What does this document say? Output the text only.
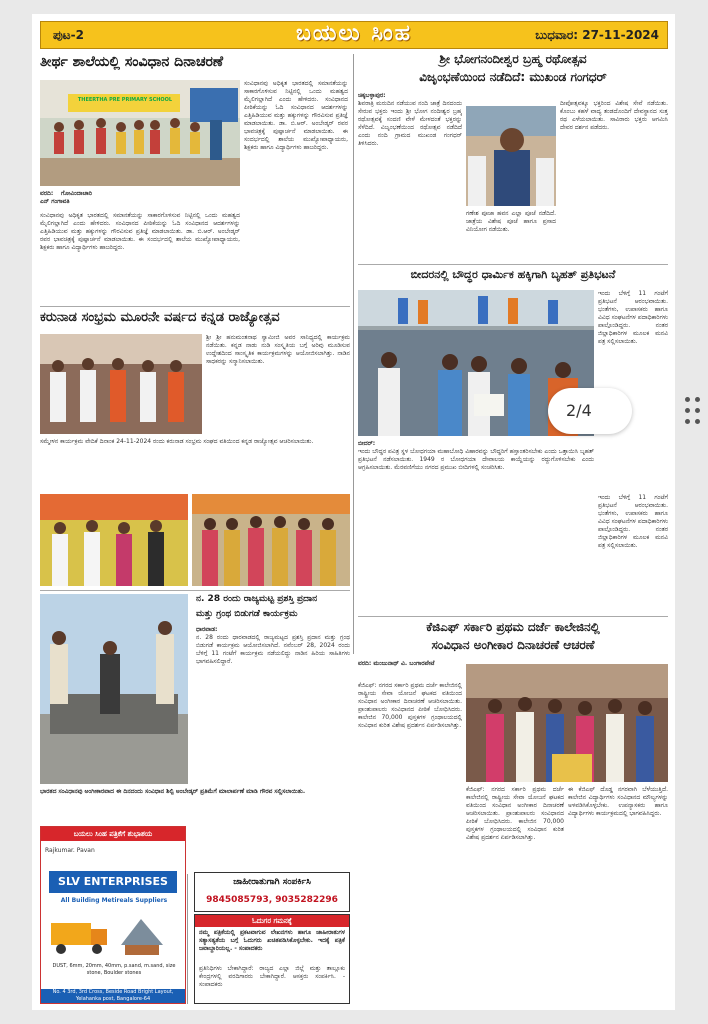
ಪುಟ-2	ಬಯಲು ಸಿಂಹ	ಬುಧವಾರ: 27-11-2024
ತೀರ್ಥ ಶಾಲೆಯಲ್ಲಿ ಸಂವಿಧಾನ ದಿನಾಚರಣೆ
THEERTHA PRE PRIMARY SCHOOL
ಸಂವಿಧಾನವು ಅಧಿಕೃತ ಭಾರತದಲ್ಲಿ ಸಮಾನತೆಯನ್ನು ಸಾಕಾರಗೊಳಿಸುವ ನಿಟ್ಟಿನಲ್ಲಿ ಒಂದು ಮಹತ್ವದ ಮೈಲಿಗಲ್ಲಾಗಿದೆ ಎಂದು ಹೇಳಿದರು. ಸಂವಿಧಾನದ ಪೀಠಿಕೆಯನ್ನು ಓದಿ ಸಂವಿಧಾನದ ಆದರ್ಶಗಳನ್ನು ಎತ್ತಿಹಿಡಿಯುವ ಮತ್ತು ಹಕ್ಕುಗಳನ್ನು ಗೌರವಿಸುವ ಪ್ರತಿಜ್ಞೆ ಮಾಡಲಾಯಿತು. ಡಾ. ಬಿ.ಆರ್. ಅಂಬೇಡ್ಕರ್ ರವರ ಭಾವಚಿತ್ರಕ್ಕೆ ಪುಷ್ಪಾರ್ಚನೆ ಮಾಡಲಾಯಿತು. ಈ ಸಂದರ್ಭದಲ್ಲಿ ಶಾಲೆಯ ಮುಖ್ಯೋಪಾಧ್ಯಾಯರು, ಶಿಕ್ಷಕರು ಹಾಗೂ ವಿದ್ಯಾರ್ಥಿಗಳು ಹಾಜರಿದ್ದರು.
ವರದಿ: ಗೋವಿಂದಾಚಾರಿ ಎನ್ ಗಂಗಾವತಿ
ಸಂವಿಧಾನವು ಅಧಿಕೃತ ಭಾರತದಲ್ಲಿ ಸಮಾನತೆಯನ್ನು ಸಾಕಾರಗೊಳಿಸುವ ನಿಟ್ಟಿನಲ್ಲಿ ಒಂದು ಮಹತ್ವದ ಮೈಲಿಗಲ್ಲಾಗಿದೆ ಎಂದು ಹೇಳಿದರು. ಸಂವಿಧಾನದ ಪೀಠಿಕೆಯನ್ನು ಓದಿ ಸಂವಿಧಾನದ ಆದರ್ಶಗಳನ್ನು ಎತ್ತಿಹಿಡಿಯುವ ಮತ್ತು ಹಕ್ಕುಗಳನ್ನು ಗೌರವಿಸುವ ಪ್ರತಿಜ್ಞೆ ಮಾಡಲಾಯಿತು. ಡಾ. ಬಿ.ಆರ್. ಅಂಬೇಡ್ಕರ್ ರವರ ಭಾವಚಿತ್ರಕ್ಕೆ ಪುಷ್ಪಾರ್ಚನೆ ಮಾಡಲಾಯಿತು. ಈ ಸಂದರ್ಭದಲ್ಲಿ ಶಾಲೆಯ ಮುಖ್ಯೋಪಾಧ್ಯಾಯರು, ಶಿಕ್ಷಕರು ಹಾಗೂ ವಿದ್ಯಾರ್ಥಿಗಳು ಹಾಜರಿದ್ದರು.
ಕರುನಾಡ ಸಂಭ್ರಮ ಮೂರನೇ ವರ್ಷದ ಕನ್ನಡ ರಾಜ್ಯೋತ್ಸವ
ಶ್ರೀ ಶ್ರೀ ಹನುಮಂತನಾಥ ಸ್ವಾಮೀಜಿ ಅವರ ಸಾನಿಧ್ಯದಲ್ಲಿ ಕಾರ್ಯಕ್ರಮ ನಡೆಯಿತು. ಕನ್ನಡ ನಾಡು ನುಡಿ ಸಂಸ್ಕೃತಿಯ ಬಗ್ಗೆ ಅರಿವು ಮೂಡಿಸುವ ಉದ್ದೇಶದಿಂದ ಸಾಂಸ್ಕೃತಿಕ ಕಾರ್ಯಕ್ರಮಗಳನ್ನು ಆಯೋಜಿಸಲಾಗಿತ್ತು. ನಾಡಿನ ಸಾಧಕರನ್ನು ಸನ್ಮಾನಿಸಲಾಯಿತು.
ಸಮ್ಮೇಳನ ಕಾರ್ಯಕ್ರಮ ವೇದಿಕೆ ದಿನಾಂಕ 24-11-2024 ರಂದು ಕರುನಾಡ ಸಂಭ್ರಮ ಸಂಘದ ವತಿಯಿಂದ ಕನ್ನಡ ರಾಜ್ಯೋತ್ಸವ ಆಚರಿಸಲಾಯಿತು.
ನ. 28 ರಂದು ರಾಜ್ಯಮಟ್ಟ ಪ್ರಶಸ್ತಿ ಪ್ರದಾನ
ಮತ್ತು ಗ್ರಂಥ ಬಿಡುಗಡೆ ಕಾರ್ಯಕ್ರಮ
ಧಾರವಾಡ:
ನ. 28 ರಂದು ಧಾರವಾಡದಲ್ಲಿ ರಾಜ್ಯಮಟ್ಟದ ಪ್ರಶಸ್ತಿ ಪ್ರದಾನ ಮತ್ತು ಗ್ರಂಥ ಬಿಡುಗಡೆ ಕಾರ್ಯಕ್ರಮ ಆಯೋಜಿಸಲಾಗಿದೆ. ನವೆಂಬರ್ 28, 2024 ರಂದು ಬೆಳಿಗ್ಗೆ 11 ಗಂಟೆಗೆ ಕಾರ್ಯಕ್ರಮ ನಡೆಯಲಿದ್ದು ನಾಡಿನ ಹಿರಿಯ ಸಾಹಿತಿಗಳು ಭಾಗವಹಿಸಲಿದ್ದಾರೆ.
ಭಾರತದ ಸಂವಿಧಾನವು ಅಂಗೀಕಾರವಾದ ಈ ದಿನದಂದು ಸಂವಿಧಾನ ಶಿಲ್ಪಿ ಅಂಬೇಡ್ಕರ್ ಪ್ರತಿಮೆಗೆ ಮಾಲಾರ್ಪಣೆ ಮಾಡಿ ಗೌರವ ಸಲ್ಲಿಸಲಾಯಿತು.
ಬಯಲು ಸಿಂಹ ಪತ್ರಿಕೆಗೆ ಶುಭಾಶಯ
Rajkumar. Pavan
SLV ENTERPRISES
All Building Metireals Suppliers
DUST, 6mm, 20mm, 40mm, p.sand, m.sand, size stone, Boulder stones
No. 4 3rd, 3rd Cross, Beside Road Bright Layout, Yelahanka post, Bangalore-64
ಜಾಹೀರಾತುಗಾಗಿ ಸಂಪರ್ಕಿಸಿ
9845085793, 9035282296
ಓದುಗರ ಗಮನಕ್ಕೆ
ನಮ್ಮ ಪತ್ರಿಕೆಯಲ್ಲಿ ಪ್ರಕಟವಾಗುವ ಲೇಖನಗಳು ಹಾಗೂ ಜಾಹೀರಾತುಗಳ ಸತ್ಯಾಸತ್ಯತೆಯ ಬಗ್ಗೆ ಓದುಗರು ಖಚಿತಪಡಿಸಿಕೊಳ್ಳಬೇಕು. ಇದಕ್ಕೆ ಪತ್ರಿಕೆ ಜವಾಬ್ದಾರಿಯಲ್ಲ. - ಸಂಪಾದಕರು
ಪ್ರತಿನಿಧಿಗಳು ಬೇಕಾಗಿದ್ದಾರೆ: ರಾಜ್ಯದ ಎಲ್ಲಾ ಜಿಲ್ಲೆ ಮತ್ತು ತಾಲ್ಲೂಕು ಕೇಂದ್ರಗಳಲ್ಲಿ ವರದಿಗಾರರು ಬೇಕಾಗಿದ್ದಾರೆ. ಆಸಕ್ತರು ಸಂಪರ್ಕಿಸಿ. - ಸಂಪಾದಕರು
ಶ್ರೀ ಭೋಗನಂದೀಶ್ವರ ಬ್ರಹ್ಮ ರಥೋತ್ಸವ
ವಿಜೃಂಭಣೆಯಿಂದ ನಡೆದಿದೆ: ಮುಖಂಡ ಗಂಗಧರ್
ಚಿಕ್ಕಬಳ್ಳಾಪುರ:
ಶಿವರಾತ್ರಿ ಮರುದಿನ ನಡೆಯುವ ನಂದಿ ಜಾತ್ರೆ ದಿನದಂದು ಸೇರುವ ಭಕ್ತರು ಇಂದು ಶ್ರೀ ಭೋಗ ನಂದೀಶ್ವರ ಬ್ರಹ್ಮ ರಥೋತ್ಸವಕ್ಕೆ ಸಂದಣಿ ವೇಳೆ ಮೇಳದಂತೆ ಭಕ್ತರನ್ನು ಸೆಳೆದಿದೆ. ವಿಜೃಂಭಣೆಯಿಂದ ರಥೋತ್ಸವ ನಡೆದಿದೆ ಎಂದು ನಂದಿ ಗ್ರಾಮದ ಮುಖಂಡ ಗಂಗಧರ್ ತಿಳಿಸಿದರು.
ದೀಪೋತ್ಸವಕ್ಕೂ ಭಕ್ತರಿಂದ ವಿಶೇಷ ಸೇವೆ ನಡೆಯಿತು. ಕೊಂಬು ಕಹಳೆ ವಾದ್ಯ ತಂಡದೊಂದಿಗೆ ದೇವಸ್ಥಾನದ ಸುತ್ತ ರಥ ಎಳೆಯಲಾಯಿತು. ಸಾವಿರಾರು ಭಕ್ತರು ಆಗಮಿಸಿ ದೇವರ ದರ್ಶನ ಪಡೆದರು.
ಗಣೇಶ ಪೂಜಾ ಹವನ ಎಲ್ಲಾ ಪೂಜೆ ನಡೆದಿದೆ. ಜಾತ್ರೆಯ ವಿಶೇಷ ಪೂಜೆ ಹಾಗೂ ಪ್ರಸಾದ ವಿನಿಯೋಗ ನಡೆಯಿತು.
ಬೀದರನಲ್ಲಿ ಬೌದ್ಧರ ಧಾರ್ಮಿಕ ಹಕ್ಕಿಗಾಗಿ ಬೃಹತ್ ಪ್ರತಿಭಟನೆ
ಇಂದು ಬೆಳಿಗ್ಗೆ 11 ಗಂಟೆಗೆ ಪ್ರತಿಭಟನೆ ಆರಂಭವಾಯಿತು. ಭಂತೆಗಳು, ಉಪಾಸಕರು ಹಾಗೂ ವಿವಿಧ ಸಂಘಟನೆಗಳ ಪದಾಧಿಕಾರಿಗಳು ಪಾಲ್ಗೊಂಡಿದ್ದರು. ನಂತರ ಜಿಲ್ಲಾಧಿಕಾರಿಗಳ ಮೂಲಕ ಮನವಿ ಪತ್ರ ಸಲ್ಲಿಸಲಾಯಿತು.
ಬೀದರ್:
ಇಂದು ಬೌದ್ಧರ ಪವಿತ್ರ ಸ್ಥಳ ಬೋಧಗಯಾ ಮಹಾಬೋಧಿ ವಿಹಾರವನ್ನು ಬೌದ್ಧರಿಗೆ ಹಸ್ತಾಂತರಿಸಬೇಕು ಎಂದು ಒತ್ತಾಯಿಸಿ ಬೃಹತ್ ಪ್ರತಿಭಟನೆ ನಡೆಸಲಾಯಿತು. 1949 ರ ಬೋಧಗಯಾ ದೇವಾಲಯ ಕಾಯ್ದೆಯನ್ನು ರದ್ದುಗೊಳಿಸಬೇಕು ಎಂದು ಆಗ್ರಹಿಸಲಾಯಿತು. ಮೆರವಣಿಗೆಯು ನಗರದ ಪ್ರಮುಖ ಬೀದಿಗಳಲ್ಲಿ ಸಂಚರಿಸಿತು.
ಇಂದು ಬೆಳಿಗ್ಗೆ 11 ಗಂಟೆಗೆ ಪ್ರತಿಭಟನೆ ಆರಂಭವಾಯಿತು. ಭಂತೆಗಳು, ಉಪಾಸಕರು ಹಾಗೂ ವಿವಿಧ ಸಂಘಟನೆಗಳ ಪದಾಧಿಕಾರಿಗಳು ಪಾಲ್ಗೊಂಡಿದ್ದರು. ನಂತರ ಜಿಲ್ಲಾಧಿಕಾರಿಗಳ ಮೂಲಕ ಮನವಿ ಪತ್ರ ಸಲ್ಲಿಸಲಾಯಿತು.
ಕೆಜಿಎಫ್ ಸರ್ಕಾರಿ ಪ್ರಥಮ ದರ್ಜೆ ಕಾಲೇಜಿನಲ್ಲಿ
ಸಂವಿಧಾನ ಅಂಗೀಕಾರ ದಿನಾಚರಣೆ ಆಚರಣೆ
ವರದಿ: ಮಂಜುನಾಥ್ ವಿ. ಬಂಗಾರಪೇಟೆ
ಕೆಜಿಎಫ್: ನಗರದ ಸರ್ಕಾರಿ ಪ್ರಥಮ ದರ್ಜೆ ಕಾಲೇಜಿನಲ್ಲಿ ರಾಷ್ಟ್ರೀಯ ಸೇವಾ ಯೋಜನೆ ಘಟಕದ ವತಿಯಿಂದ ಸಂವಿಧಾನ ಅಂಗೀಕಾರ ದಿನಾಚರಣೆ ಆಚರಿಸಲಾಯಿತು. ಪ್ರಾಂಶುಪಾಲರು ಸಂವಿಧಾನದ ಪೀಠಿಕೆ ಬೋಧಿಸಿದರು. ಕಾಲೇಜಿನ 70,000 ಪುಸ್ತಕಗಳ ಗ್ರಂಥಾಲಯದಲ್ಲಿ ಸಂವಿಧಾನ ಕುರಿತ ವಿಶೇಷ ಪ್ರದರ್ಶನ ಏರ್ಪಡಿಸಲಾಗಿತ್ತು.
ಕೆಜಿಎಫ್: ನಗರದ ಸರ್ಕಾರಿ ಪ್ರಥಮ ದರ್ಜೆ ಕಾಲೇಜಿನಲ್ಲಿ ರಾಷ್ಟ್ರೀಯ ಸೇವಾ ಯೋಜನೆ ಘಟಕದ ವತಿಯಿಂದ ಸಂವಿಧಾನ ಅಂಗೀಕಾರ ದಿನಾಚರಣೆ ಆಚರಿಸಲಾಯಿತು. ಪ್ರಾಂಶುಪಾಲರು ಸಂವಿಧಾನದ ಪೀಠಿಕೆ ಬೋಧಿಸಿದರು. ಕಾಲೇಜಿನ 70,000 ಪುಸ್ತಕಗಳ ಗ್ರಂಥಾಲಯದಲ್ಲಿ ಸಂವಿಧಾನ ಕುರಿತ ವಿಶೇಷ ಪ್ರದರ್ಶನ ಏರ್ಪಡಿಸಲಾಗಿತ್ತು.
ಈ ಕೆಜಿಎಫ್ ದೊಡ್ಡ ನಗರವಾಗಿ ಬೆಳೆಯುತ್ತಿದೆ. ಕಾಲೇಜಿನ ವಿದ್ಯಾರ್ಥಿಗಳು ಸಂವಿಧಾನದ ಮೌಲ್ಯಗಳನ್ನು ಅಳವಡಿಸಿಕೊಳ್ಳಬೇಕು. ಉಪನ್ಯಾಸಕರು ಹಾಗೂ ವಿದ್ಯಾರ್ಥಿಗಳು ಕಾರ್ಯಕ್ರಮದಲ್ಲಿ ಭಾಗವಹಿಸಿದ್ದರು.
2/4
